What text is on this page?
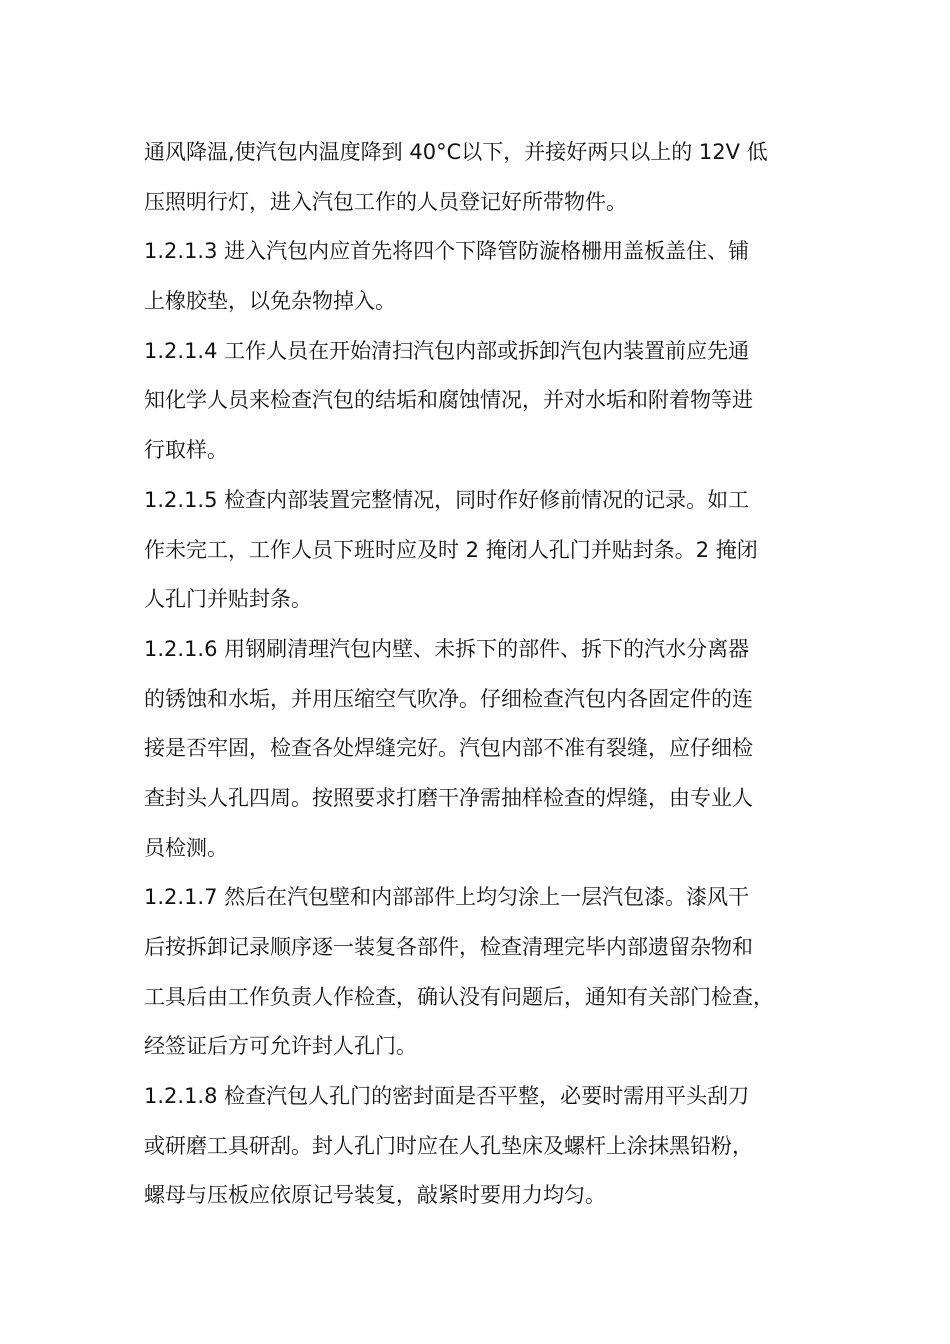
通风降温,使汽包内温度降到 40°C以下，并接好两只以上的 12V 低
压照明行灯，进入汽包工作的人员登记好所带物件。
1.2.1.3 进入汽包内应首先将四个下降管防漩格栅用盖板盖住、铺
上橡胶垫，以免杂物掉入。
1.2.1.4 工作人员在开始清扫汽包内部或拆卸汽包内装置前应先通
知化学人员来检查汽包的结垢和腐蚀情况，并对水垢和附着物等进
行取样。
1.2.1.5 检查内部装置完整情况，同时作好修前情况的记录。如工
作未完工，工作人员下班时应及时 2 掩闭人孔门并贴封条。2 掩闭
人孔门并贴封条。
1.2.1.6 用钢刷清理汽包内壁、未拆下的部件、拆下的汽水分离器
的锈蚀和水垢，并用压缩空气吹净。仔细检查汽包内各固定件的连
接是否牢固，检查各处焊缝完好。汽包内部不准有裂缝，应仔细检
查封头人孔四周。按照要求打磨干净需抽样检查的焊缝，由专业人
员检测。
1.2.1.7 然后在汽包壁和内部部件上均匀涂上一层汽包漆。漆风干
后按拆卸记录顺序逐一装复各部件，检查清理完毕内部遗留杂物和
工具后由工作负责人作检查，确认没有问题后，通知有关部门检查，
经签证后方可允许封人孔门。
1.2.1.8 检查汽包人孔门的密封面是否平整，必要时需用平头刮刀
或研磨工具研刮。封人孔门时应在人孔垫床及螺杆上涂抹黑铅粉，
螺母与压板应依原记号装复，敲紧时要用力均匀。
